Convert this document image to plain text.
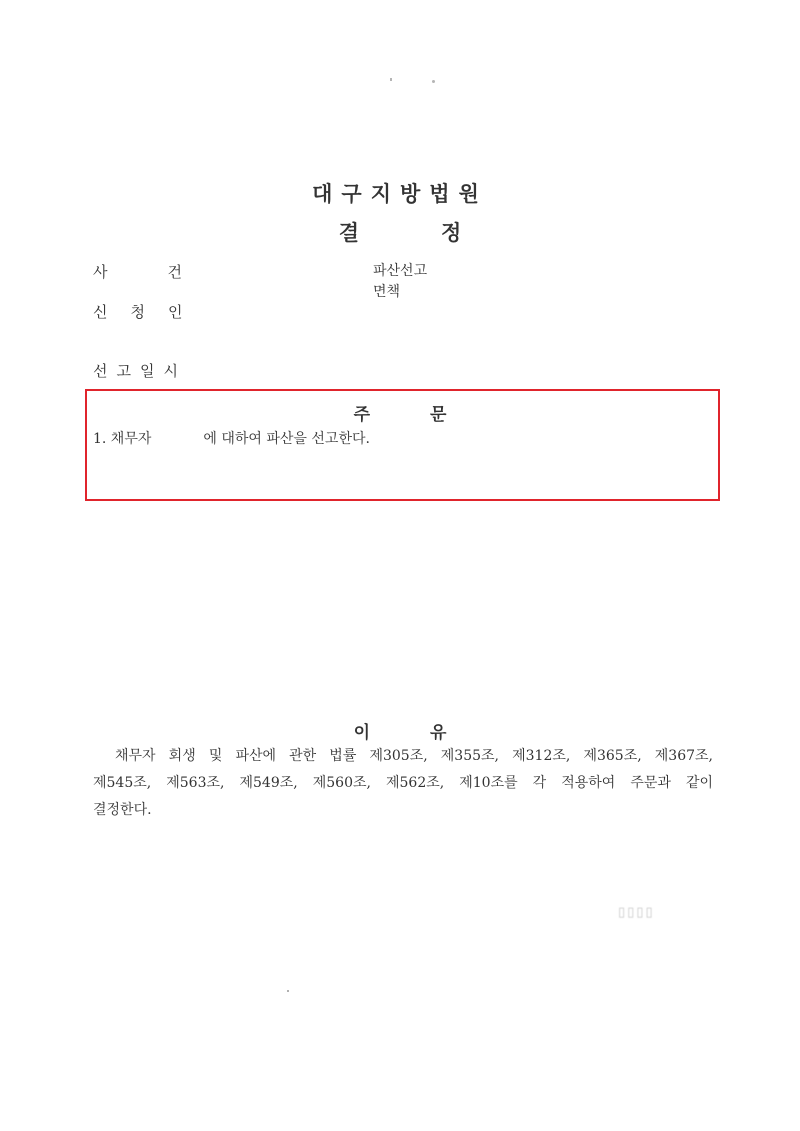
대구지방법원
결	정
사건	파산선고
면책
신청인
선고일시
주	문
1. 채무자	에 대하여 파산을 선고한다.
이	유
채무자 회생 및 파산에 관한 법률 제305조, 제355조, 제312조, 제365조, 제367조,
제545조, 제563조, 제549조, 제560조, 제562조, 제10조를 각 적용하여 주문과 같이
결정한다.
▯▯▯▯
